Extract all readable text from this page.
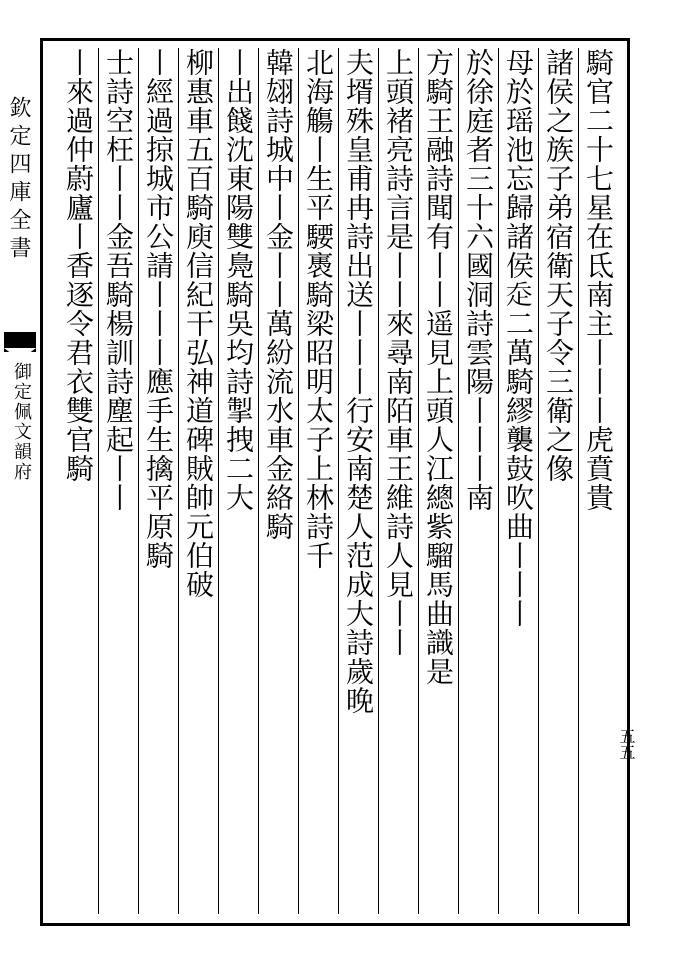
欽定四庫全書
御定佩文韻府
五五
騎官二十七星在氐南主丨丨丨虎賁貴
諸侯之族子弟宿衛天子令三衛之像
母於瑶池忘歸諸侯𧺆二萬騎繆襲鼓吹曲丨丨丨
於徐庭者三十六國洞詩雲陽丨丨丨南
方騎王融詩聞有丨丨遥見上頭人江總紫騮馬曲識是
上頭褚亮詩言是丨丨來尋南陌車王維詩人見丨丨
夫壻殊皇甫冉詩出送丨丨丨行安南楚人范成大詩歲晚
北海觴丨生平騕褭騎梁昭明太子上林詩千
韓翃詩城中丨金丨丨萬紛流水車金絡騎
丨出餞沈東陽雙鳧騎吳均詩掣拽二大
柳惠車五百騎庾信紀干弘神道碑賊帥元伯破
丨經過掠城市公請丨丨丨應手生擒平原騎
士詩空枉丨丨金吾騎楊訓詩塵起丨丨
丨來過仲蔚廬丨香逐令君衣雙官騎
